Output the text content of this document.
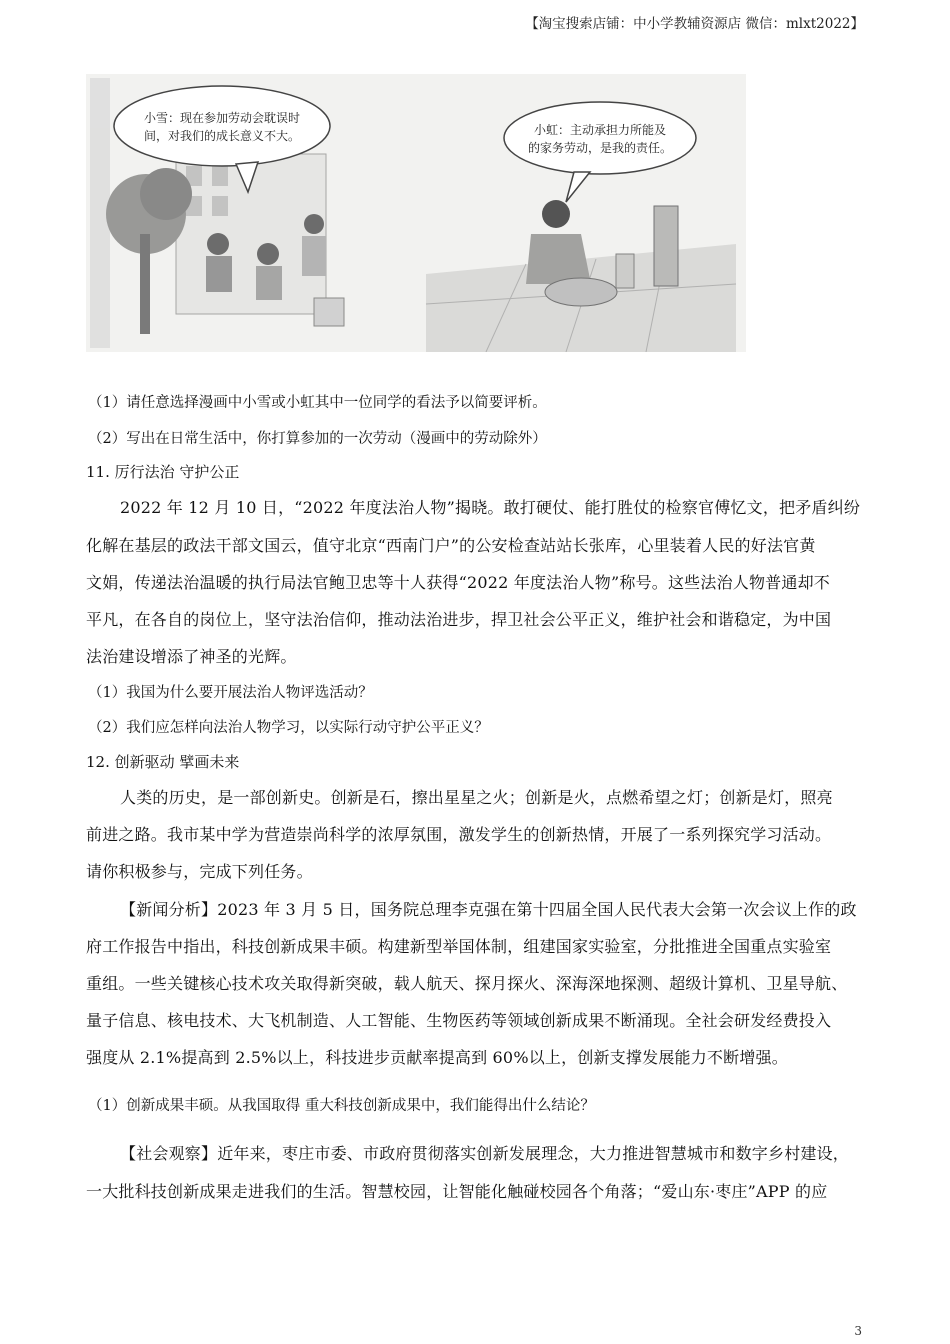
【淘宝搜索店铺：中小学教辅资源店 微信：mlxt2022】
小雪：现在参加劳动会耽误时
间，对我们的成长意义不大。	小虹：主动承担力所能及
的家务劳动，是我的责任。
（1）请任意选择漫画中小雪或小虹其中一位同学的看法予以简要评析。
（2）写出在日常生活中，你打算参加的一次劳动（漫画中的劳动除外）
11. 厉行法治 守护公正
2022 年 12 月 10 日，“2022 年度法治人物”揭晓。敢打硬仗、能打胜仗的检察官傅忆文，把矛盾纠纷
化解在基层的政法干部文国云，值守北京“西南门户”的公安检查站站长张库，心里装着人民的好法官黄
文娟，传递法治温暖的执行局法官鲍卫忠等十人获得“2022 年度法治人物”称号。这些法治人物普通却不
平凡，在各自的岗位上，坚守法治信仰，推动法治进步，捍卫社会公平正义，维护社会和谐稳定，为中国
法治建设增添了神圣的光辉。
（1）我国为什么要开展法治人物评选活动？
（2）我们应怎样向法治人物学习，以实际行动守护公平正义？
12. 创新驱动 擘画未来
人类的历史，是一部创新史。创新是石，擦出星星之火；创新是火，点燃希望之灯；创新是灯，照亮
前进之路。我市某中学为营造崇尚科学的浓厚氛围，激发学生的创新热情，开展了一系列探究学习活动。
请你积极参与，完成下列任务。
【新闻分析】2023 年 3 月 5 日，国务院总理李克强在第十四届全国人民代表大会第一次会议上作的政
府工作报告中指出，科技创新成果丰硕。构建新型举国体制，组建国家实验室，分批推进全国重点实验室
重组。一些关键核心技术攻关取得新突破，载人航天、探月探火、深海深地探测、超级计算机、卫星导航、
量子信息、核电技术、大飞机制造、人工智能、生物医药等领域创新成果不断涌现。全社会研发经费投入
强度从 2.1%提高到 2.5%以上，科技进步贡献率提高到 60%以上，创新支撑发展能力不断增强。
（1）创新成果丰硕。从我国取得 重大科技创新成果中，我们能得出什么结论？
【社会观察】近年来，枣庄市委、市政府贯彻落实创新发展理念，大力推进智慧城市和数字乡村建设，
一大批科技创新成果走进我们的生活。智慧校园，让智能化触碰校园各个角落；“爱山东·枣庄”APP 的应
3
